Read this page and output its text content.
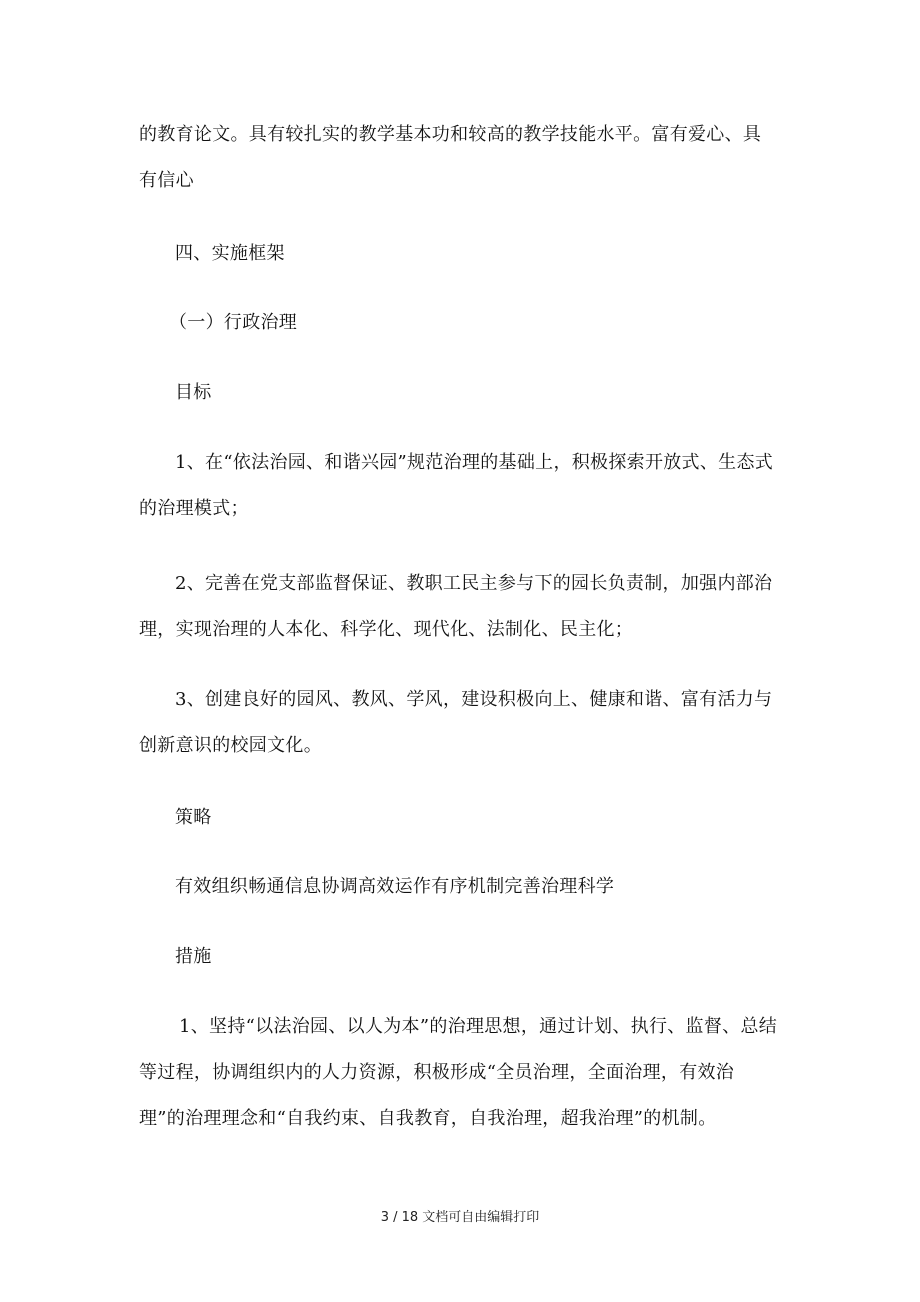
的教育论文。具有较扎实的教学基本功和较高的教学技能水平。富有爱心、具有信心

四、实施框架

（一）行政治理

目标

1、在“依法治园、和谐兴园”规范治理的基础上，积极探索开放式、生态式的治理模式；

2、完善在党支部监督保证、教职工民主参与下的园长负责制，加强内部治理，实现治理的人本化、科学化、现代化、法制化、民主化；

3、创建良好的园风、教风、学风，建设积极向上、健康和谐、富有活力与创新意识的校园文化。

策略

有效组织畅通信息协调高效运作有序机制完善治理科学

措施

1、坚持“以法治园、以人为本”的治理思想，通过计划、执行、监督、总结等过程，协调组织内的人力资源，积极形成“全员治理，全面治理，有效治理”的治理理念和“自我约束、自我教育，自我治理，超我治理”的机制。

3 / 18 文档可自由编辑打印
